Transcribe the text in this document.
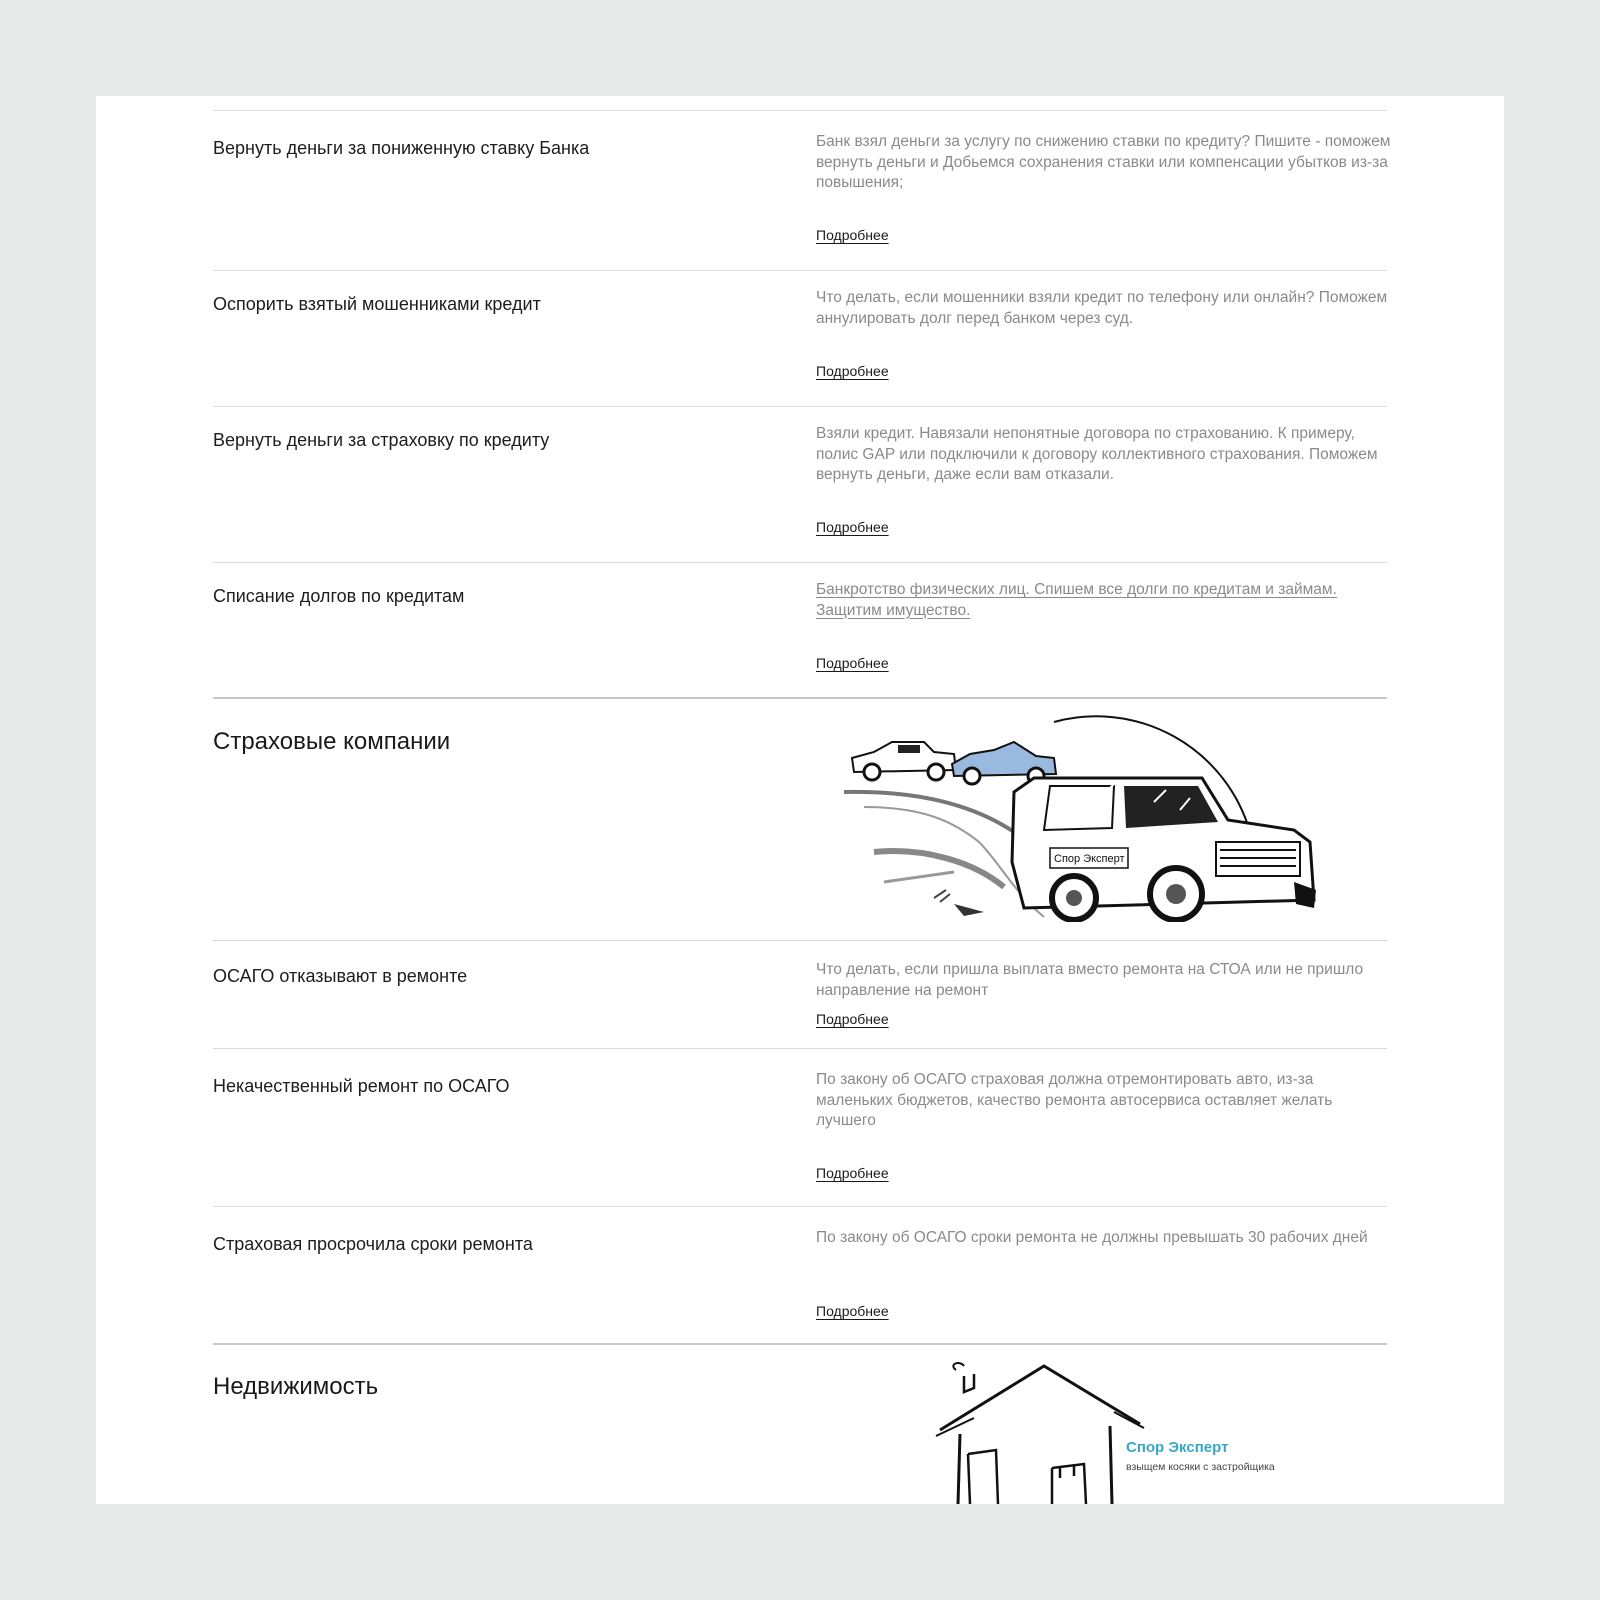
Вернуть деньги за пониженную ставку Банка	Банк взял деньги за услугу по снижению ставки по кредиту? Пишите - поможем вернуть деньги и Добьемся сохранения ставки или компенсации убытков из-за повышения;
Подробнее
Оспорить взятый мошенниками кредит	Что делать, если мошенники взяли кредит по телефону или онлайн? Поможем аннулировать долг перед банком через суд.
Подробнее
Вернуть деньги за страховку по кредиту	Взяли кредит. Навязали непонятные договора по страхованию. К примеру, полис GAP или подключили к договору коллективного страхования. Поможем вернуть деньги, даже если вам отказали.
Подробнее
Списание долгов по кредитам	Банкротство физических лиц. Спишем все долги по кредитам и займам. Защитим имущество.
Подробнее
Страховые компании
Спор Эксперт
ОСАГО отказывают в ремонте	Что делать, если пришла выплата вместо ремонта на СТОА или не пришло направление на ремонт
Подробнее
Некачественный ремонт по ОСАГО	По закону об ОСАГО страховая должна отремонтировать авто, из-за маленьких бюджетов, качество ремонта автосервиса оставляет желать лучшего
Подробнее
Страховая просрочила сроки ремонта	По закону об ОСАГО сроки ремонта не должны превышать 30 рабочих дней
Подробнее
Недвижимость
Спор Эксперт
взыщем косяки с застройщика
